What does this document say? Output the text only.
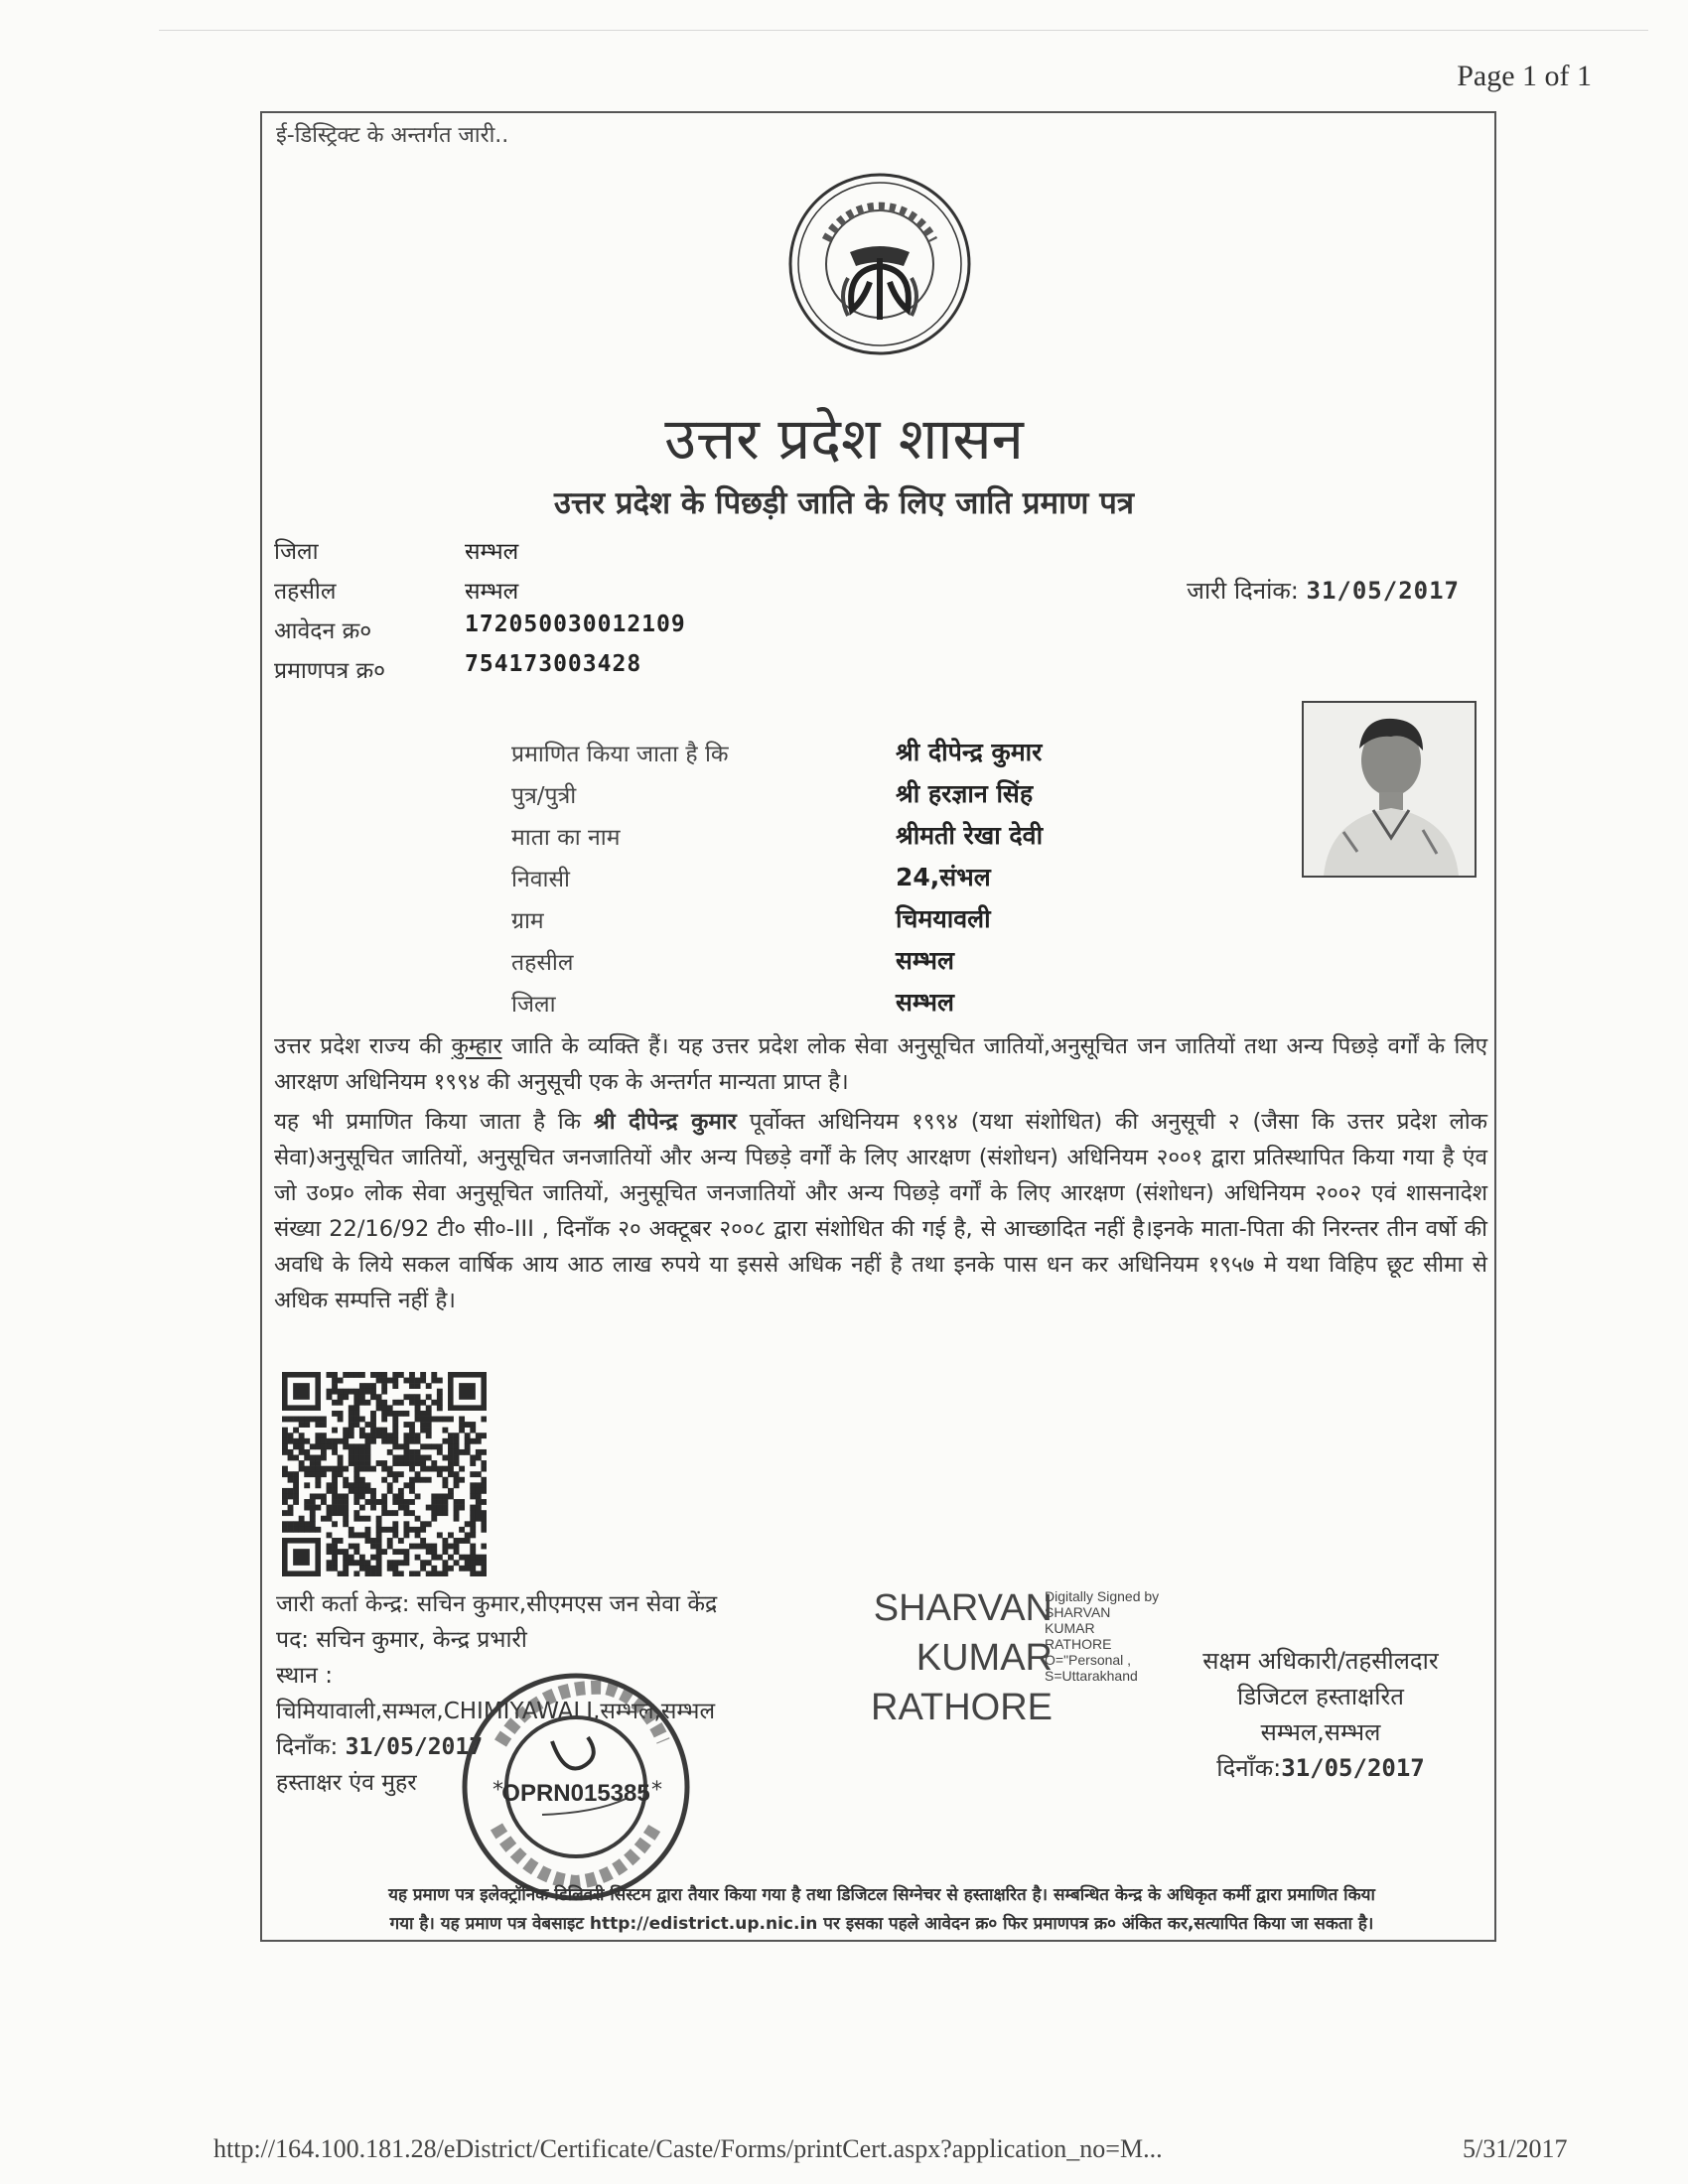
Page 1 of 1
ई-डिस्ट्रिक्ट के अन्तर्गत जारी..
उत्तर प्रदेश शासन
उत्तर प्रदेश के पिछड़ी जाति के लिए जाति प्रमाण पत्र
जिला	सम्भल
तहसील	सम्भल
आवेदन क्र०	172050030012109
प्रमाणपत्र क्र०	754173003428
जारी दिनांक: 31/05/2017
प्रमाणित किया जाता है कि	श्री दीपेन्द्र कुमार
पुत्र/पुत्री	श्री हरज्ञान सिंह
माता का नाम	श्रीमती रेखा देवी
निवासी	24,संभल
ग्राम	चिमयावली
तहसील	सम्भल
जिला	सम्भल
उत्तर प्रदेश राज्य की कुम्हार जाति के व्यक्ति हैं। यह उत्तर प्रदेश लोक सेवा अनुसूचित जातियों,अनुसूचित जन जातियों तथा अन्य पिछड़े वर्गों के लिए आरक्षण अधिनियम १९९४ की अनुसूची एक के अन्तर्गत मान्यता प्राप्त है।
यह भी प्रमाणित किया जाता है कि श्री दीपेन्द्र कुमार पूर्वोक्त अधिनियम १९९४ (यथा संशोधित) की अनुसूची २ (जैसा कि उत्तर प्रदेश लोक सेवा)अनुसूचित जातियों, अनुसूचित जनजातियों और अन्य पिछड़े वर्गों के लिए आरक्षण (संशोधन) अधिनियम २००१ द्वारा प्रतिस्थापित किया गया है एंव जो उ०प्र० लोक सेवा अनुसूचित जातियों, अनुसूचित जनजातियों और अन्य पिछड़े वर्गों के लिए आरक्षण (संशोधन) अधिनियम २००२ एवं शासनादेश संख्या 22/16/92 टी० सी०-III , दिनाँक २० अक्टूबर २००८ द्वारा संशोधित की गई है, से आच्छादित नहीं है।इनके माता-पिता की निरन्तर तीन वर्षो की अवधि के लिये सकल वार्षिक आय आठ लाख रुपये या इससे अधिक नहीं है तथा इनके पास धन कर अधिनियम १९५७ मे यथा विहिप छूट सीमा से अधिक सम्पत्ति नहीं है।
जारी कर्ता केन्द्र: सचिन कुमार,सीएमएस जन सेवा केंद्र
पद: सचिन कुमार, केन्द्र प्रभारी
स्थान :
चिमियावाली,सम्भल,CHIMIYAWALI,सम्भल,सम्भल
दिनाँक: 31/05/2017
हस्ताक्षर एंव मुहर
SHARVAN
KUMAR
RATHORE
Digitally Signed by SHARVAN KUMAR RATHORE O="Personal , S=Uttarakhand
सक्षम अधिकारी/तहसीलदार
डिजिटल हस्ताक्षरित
सम्भल,सम्भल
दिनाँक:31/05/2017
OPRN015385
*	*
यह प्रमाण पत्र इलेक्ट्रॉनिक डिलिवरी सिस्टम द्वारा तैयार किया गया है तथा डिजिटल सिग्नेचर से हस्ताक्षरित है। सम्बन्धित केन्द्र के अधिकृत कर्मी द्वारा प्रमाणित किया
गया है। यह प्रमाण पत्र वेबसाइट http://edistrict.up.nic.in पर इसका पहले आवेदन क्र० फिर प्रमाणपत्र क्र० अंकित कर,सत्यापित किया जा सकता है।
http://164.100.181.28/eDistrict/Certificate/Caste/Forms/printCert.aspx?application_no=M...	5/31/2017
